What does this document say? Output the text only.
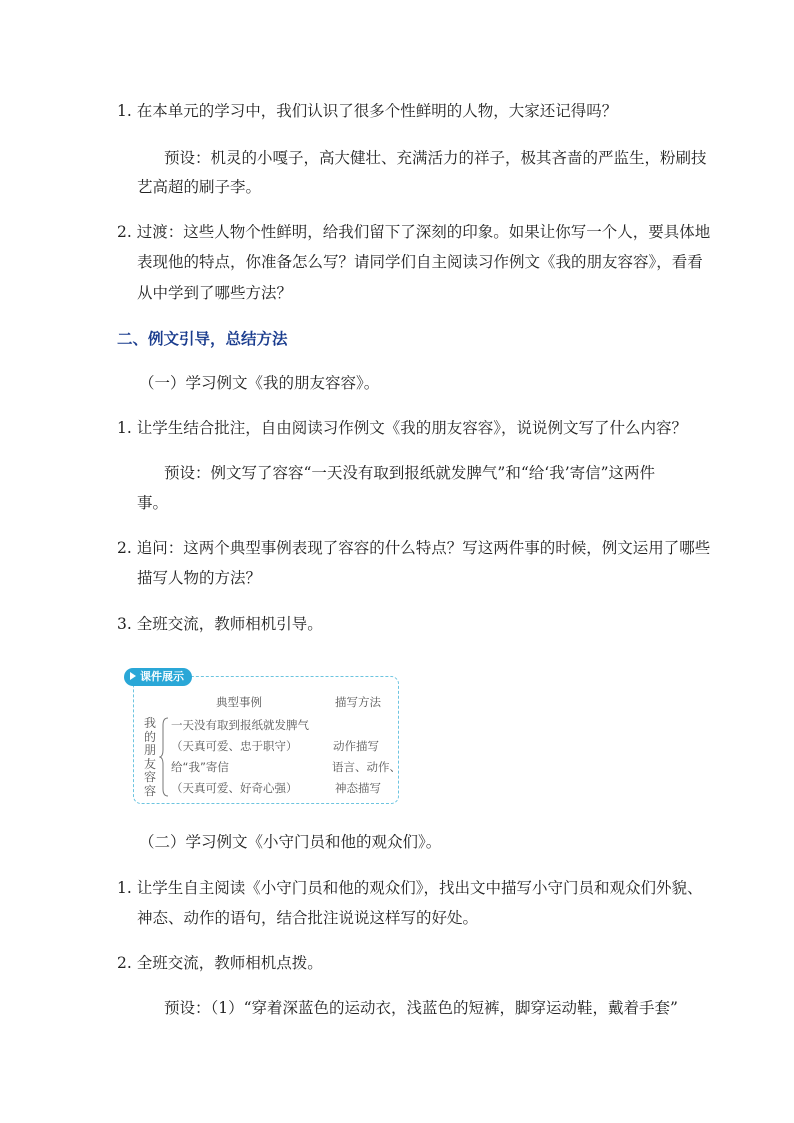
1. 在本单元的学习中，我们认识了很多个性鲜明的人物，大家还记得吗？

预设：机灵的小嘎子，高大健壮、充满活力的祥子，极其吝啬的严监生，粉刷技

艺高超的刷子李。

2. 过渡：这些人物个性鲜明，给我们留下了深刻的印象。如果让你写一个人，要具体地

表现他的特点，你准备怎么写？请同学们自主阅读习作例文《我的朋友容容》，看看

从中学到了哪些方法？

二、例文引导，总结方法

（一）学习例文《我的朋友容容》。

1. 让学生结合批注，自由阅读习作例文《我的朋友容容》，说说例文写了什么内容？

预设：例文写了容容“一天没有取到报纸就发脾气”和“给‘我’寄信”这两件

事。

2. 追问：这两个典型事例表现了容容的什么特点？写这两件事的时候，例文运用了哪些

描写人物的方法？

3. 全班交流，教师相机引导。

课件展示
典型事例	描写方法
我
的
朋
友
容
容
一天没有取到报纸就发脾气
（天真可爱、忠于职守）	动作描写
给“我”寄信	语言、动作、
（天真可爱、好奇心强）	神态描写

（二）学习例文《小守门员和他的观众们》。

1. 让学生自主阅读《小守门员和他的观众们》，找出文中描写小守门员和观众们外貌、

神态、动作的语句，结合批注说说这样写的好处。

2. 全班交流，教师相机点拨。

预设：（1）“穿着深蓝色的运动衣，浅蓝色的短裤，脚穿运动鞋，戴着手套”
